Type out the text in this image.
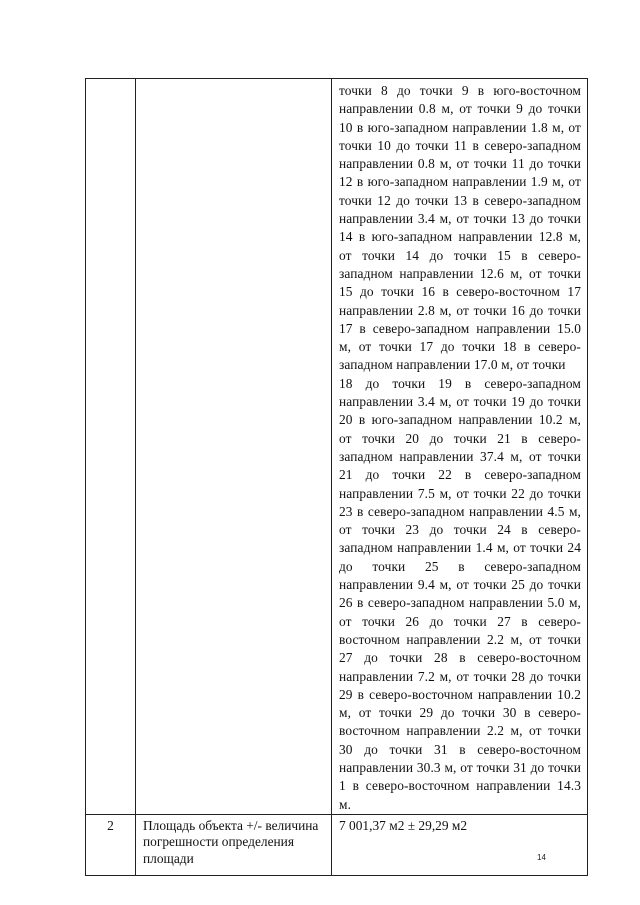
		точки 8 до точки 9 в юго-восточном направлении 0.8 м, от точки 9 до точки 10 в юго-западном направлении 1.8 м, от точки 10 до точки 11 в северо-западном направлении 0.8 м, от точки 11 до точки 12 в юго-западном направлении 1.9 м, от точки 12 до точки 13 в северо-западном направлении 3.4 м, от точки 13 до точки 14 в юго-западном направлении 12.8 м, от точки 14 до точки 15 в северо-западном направлении 12.6 м, от точки 15 до точки 16 в северо-восточном 17 направлении 2.8 м, от точки 16 до точки 17 в северо-западном направлении 15.0 м, от точки 17 до точки 18 в северо- западном направлении 17.0 м, от точки

18 до точки 19 в северо-западном направлении 3.4 м, от точки 19 до точки 20 в юго-западном направлении 10.2 м, от точки 20 до точки 21 в северо-западном направлении 37.4 м, от точки 21 до точки 22 в северо-западном направлении 7.5 м, от точки 22 до точки 23 в северо-западном направлении 4.5 м, от точки 23 до точки 24 в северо-западном направлении 1.4 м, от точки 24 до точки 25 в северо-западном направлении 9.4 м, от точки 25 до точки 26 в северо-западном направлении 5.0 м, от точки 26 до точки 27 в северо-восточном направлении 2.2 м, от точки 27 до точки 28 в северо-восточном направлении 7.2 м, от точки 28 до точки 29 в северо-восточном направлении 10.2 м, от точки 29 до точки 30 в северо-восточном направлении 2.2 м, от точки 30 до точки 31 в северо-восточном направлении 30.3 м, от точки 31 до точки 1 в северо-восточном направлении 14.3 м.

2	Площадь объекта +/- величина погрешности определения площади	7 001,37 м2 ± 29,29 м2
14
